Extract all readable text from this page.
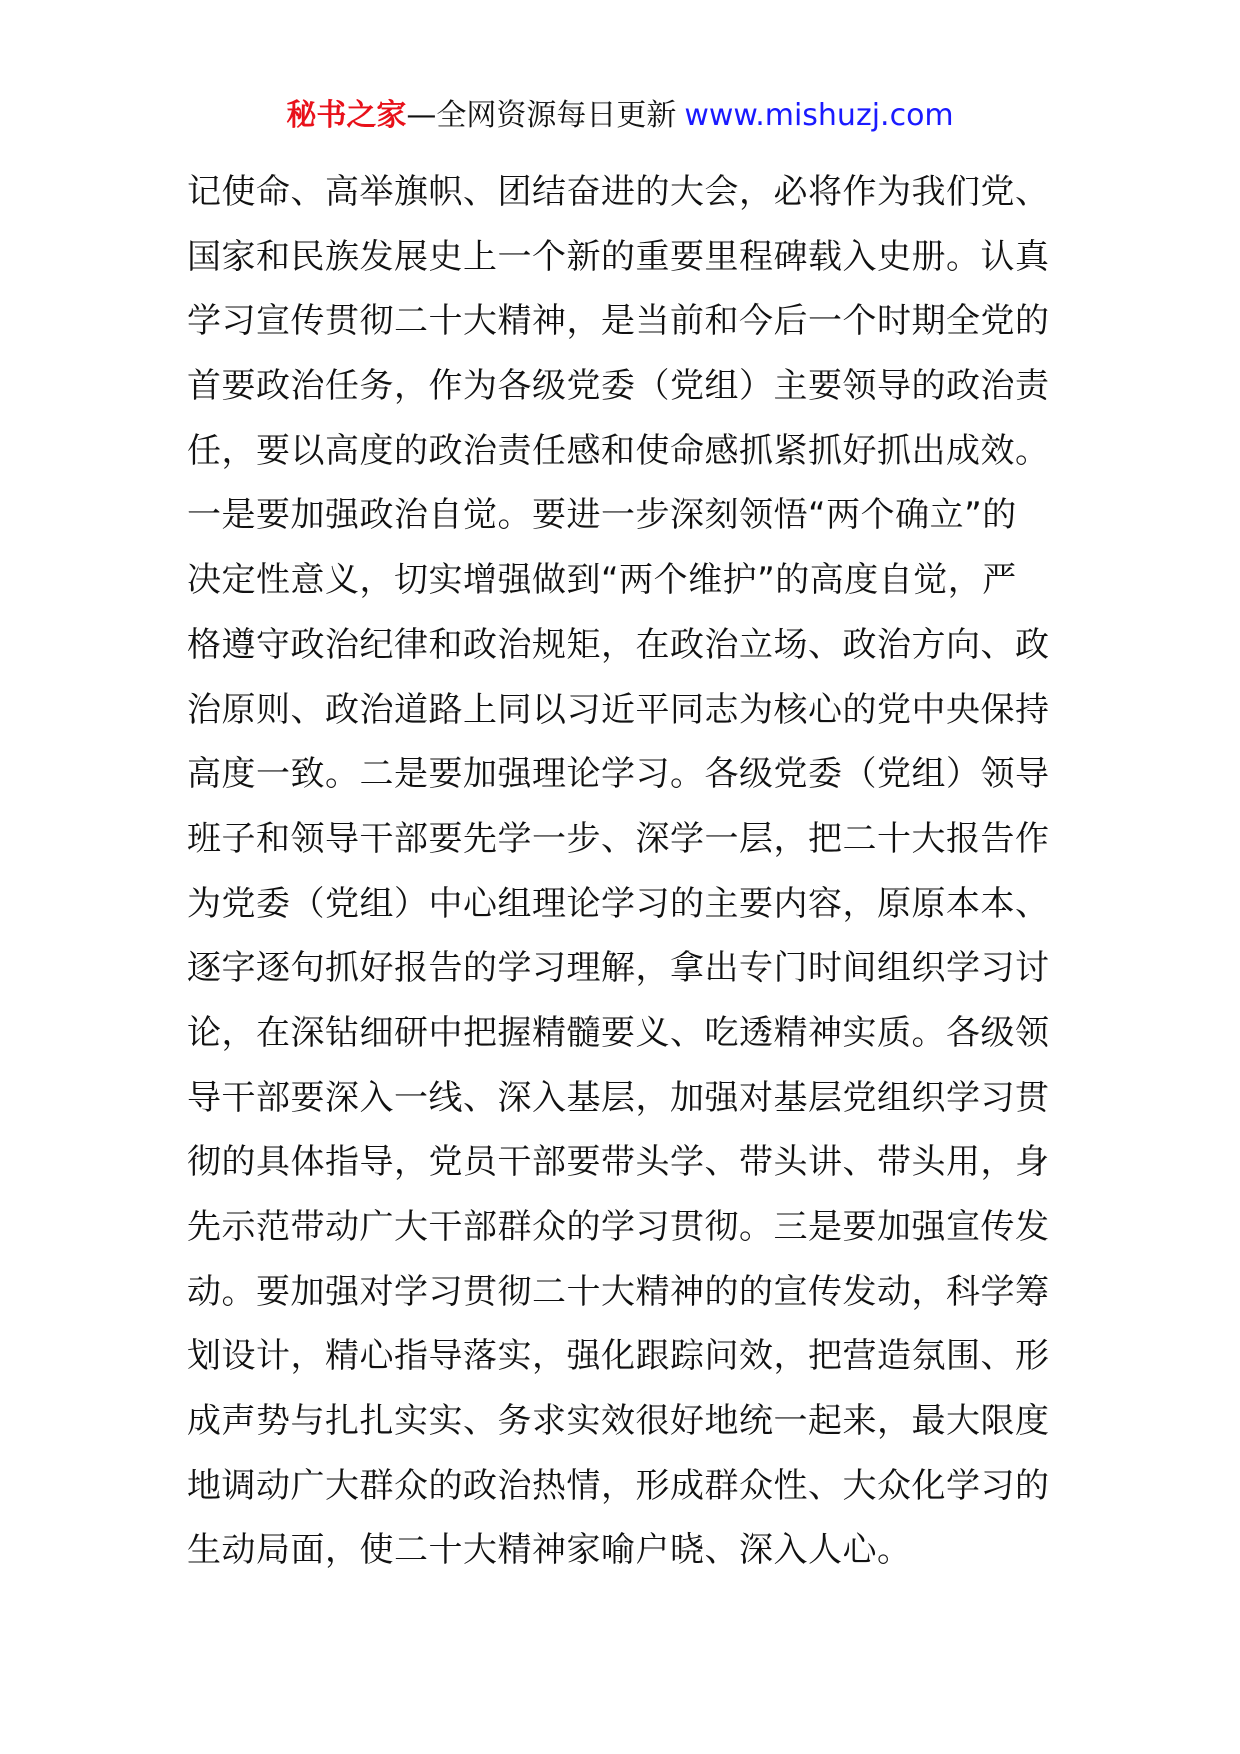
秘书之家—全网资源每日更新 www.mishuzj.com
记使命、高举旗帜、团结奋进的大会，必将作为我们党、
国家和民族发展史上一个新的重要里程碑载入史册。认真
学习宣传贯彻二十大精神，是当前和今后一个时期全党的
首要政治任务，作为各级党委（党组）主要领导的政治责
任，要以高度的政治责任感和使命感抓紧抓好抓出成效。
一是要加强政治自觉。要进一步深刻领悟“两个确立”的
决定性意义，切实增强做到“两个维护”的高度自觉，严
格遵守政治纪律和政治规矩，在政治立场、政治方向、政
治原则、政治道路上同以习近平同志为核心的党中央保持
高度一致。二是要加强理论学习。各级党委（党组）领导
班子和领导干部要先学一步、深学一层，把二十大报告作
为党委（党组）中心组理论学习的主要内容，原原本本、
逐字逐句抓好报告的学习理解，拿出专门时间组织学习讨
论，在深钻细研中把握精髓要义、吃透精神实质。各级领
导干部要深入一线、深入基层，加强对基层党组织学习贯
彻的具体指导，党员干部要带头学、带头讲、带头用，身
先示范带动广大干部群众的学习贯彻。三是要加强宣传发
动。要加强对学习贯彻二十大精神的的宣传发动，科学筹
划设计，精心指导落实，强化跟踪问效，把营造氛围、形
成声势与扎扎实实、务求实效很好地统一起来，最大限度
地调动广大群众的政治热情，形成群众性、大众化学习的
生动局面，使二十大精神家喻户晓、深入人心。
